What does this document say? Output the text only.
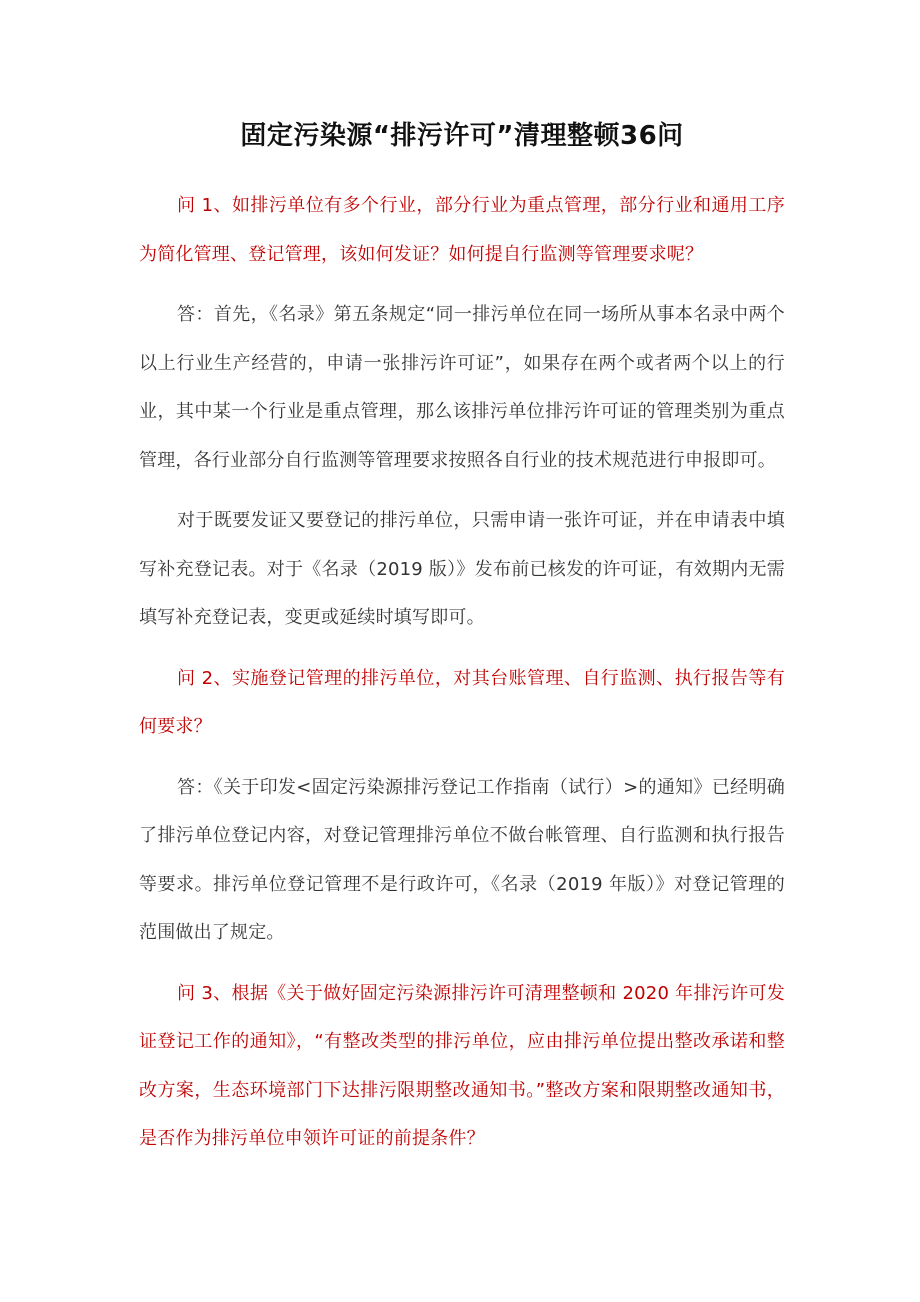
固定污染源“排污许可”清理整顿36问

问 1、如排污单位有多个行业，部分行业为重点管理，部分行业和通用工序为简化管理、登记管理，该如何发证？如何提自行监测等管理要求呢？

答：首先，《名录》第五条规定“同一排污单位在同一场所从事本名录中两个以上行业生产经营的，申请一张排污许可证”，如果存在两个或者两个以上的行业，其中某一个行业是重点管理，那么该排污单位排污许可证的管理类别为重点管理，各行业部分自行监测等管理要求按照各自行业的技术规范进行申报即可。

对于既要发证又要登记的排污单位，只需申请一张许可证，并在申请表中填写补充登记表。对于《名录（2019 版）》发布前已核发的许可证，有效期内无需填写补充登记表，变更或延续时填写即可。

问 2、实施登记管理的排污单位，对其台账管理、自行监测、执行报告等有何要求？

答：《关于印发<固定污染源排污登记工作指南（试行）>的通知》已经明确了排污单位登记内容，对登记管理排污单位不做台帐管理、自行监测和执行报告等要求。排污单位登记管理不是行政许可，《名录（2019 年版）》对登记管理的范围做出了规定。

问 3、根据《关于做好固定污染源排污许可清理整顿和 2020 年排污许可发证登记工作的通知》，“有整改类型的排污单位，应由排污单位提出整改承诺和整改方案，生态环境部门下达排污限期整改通知书。”整改方案和限期整改通知书，是否作为排污单位申领许可证的前提条件？
